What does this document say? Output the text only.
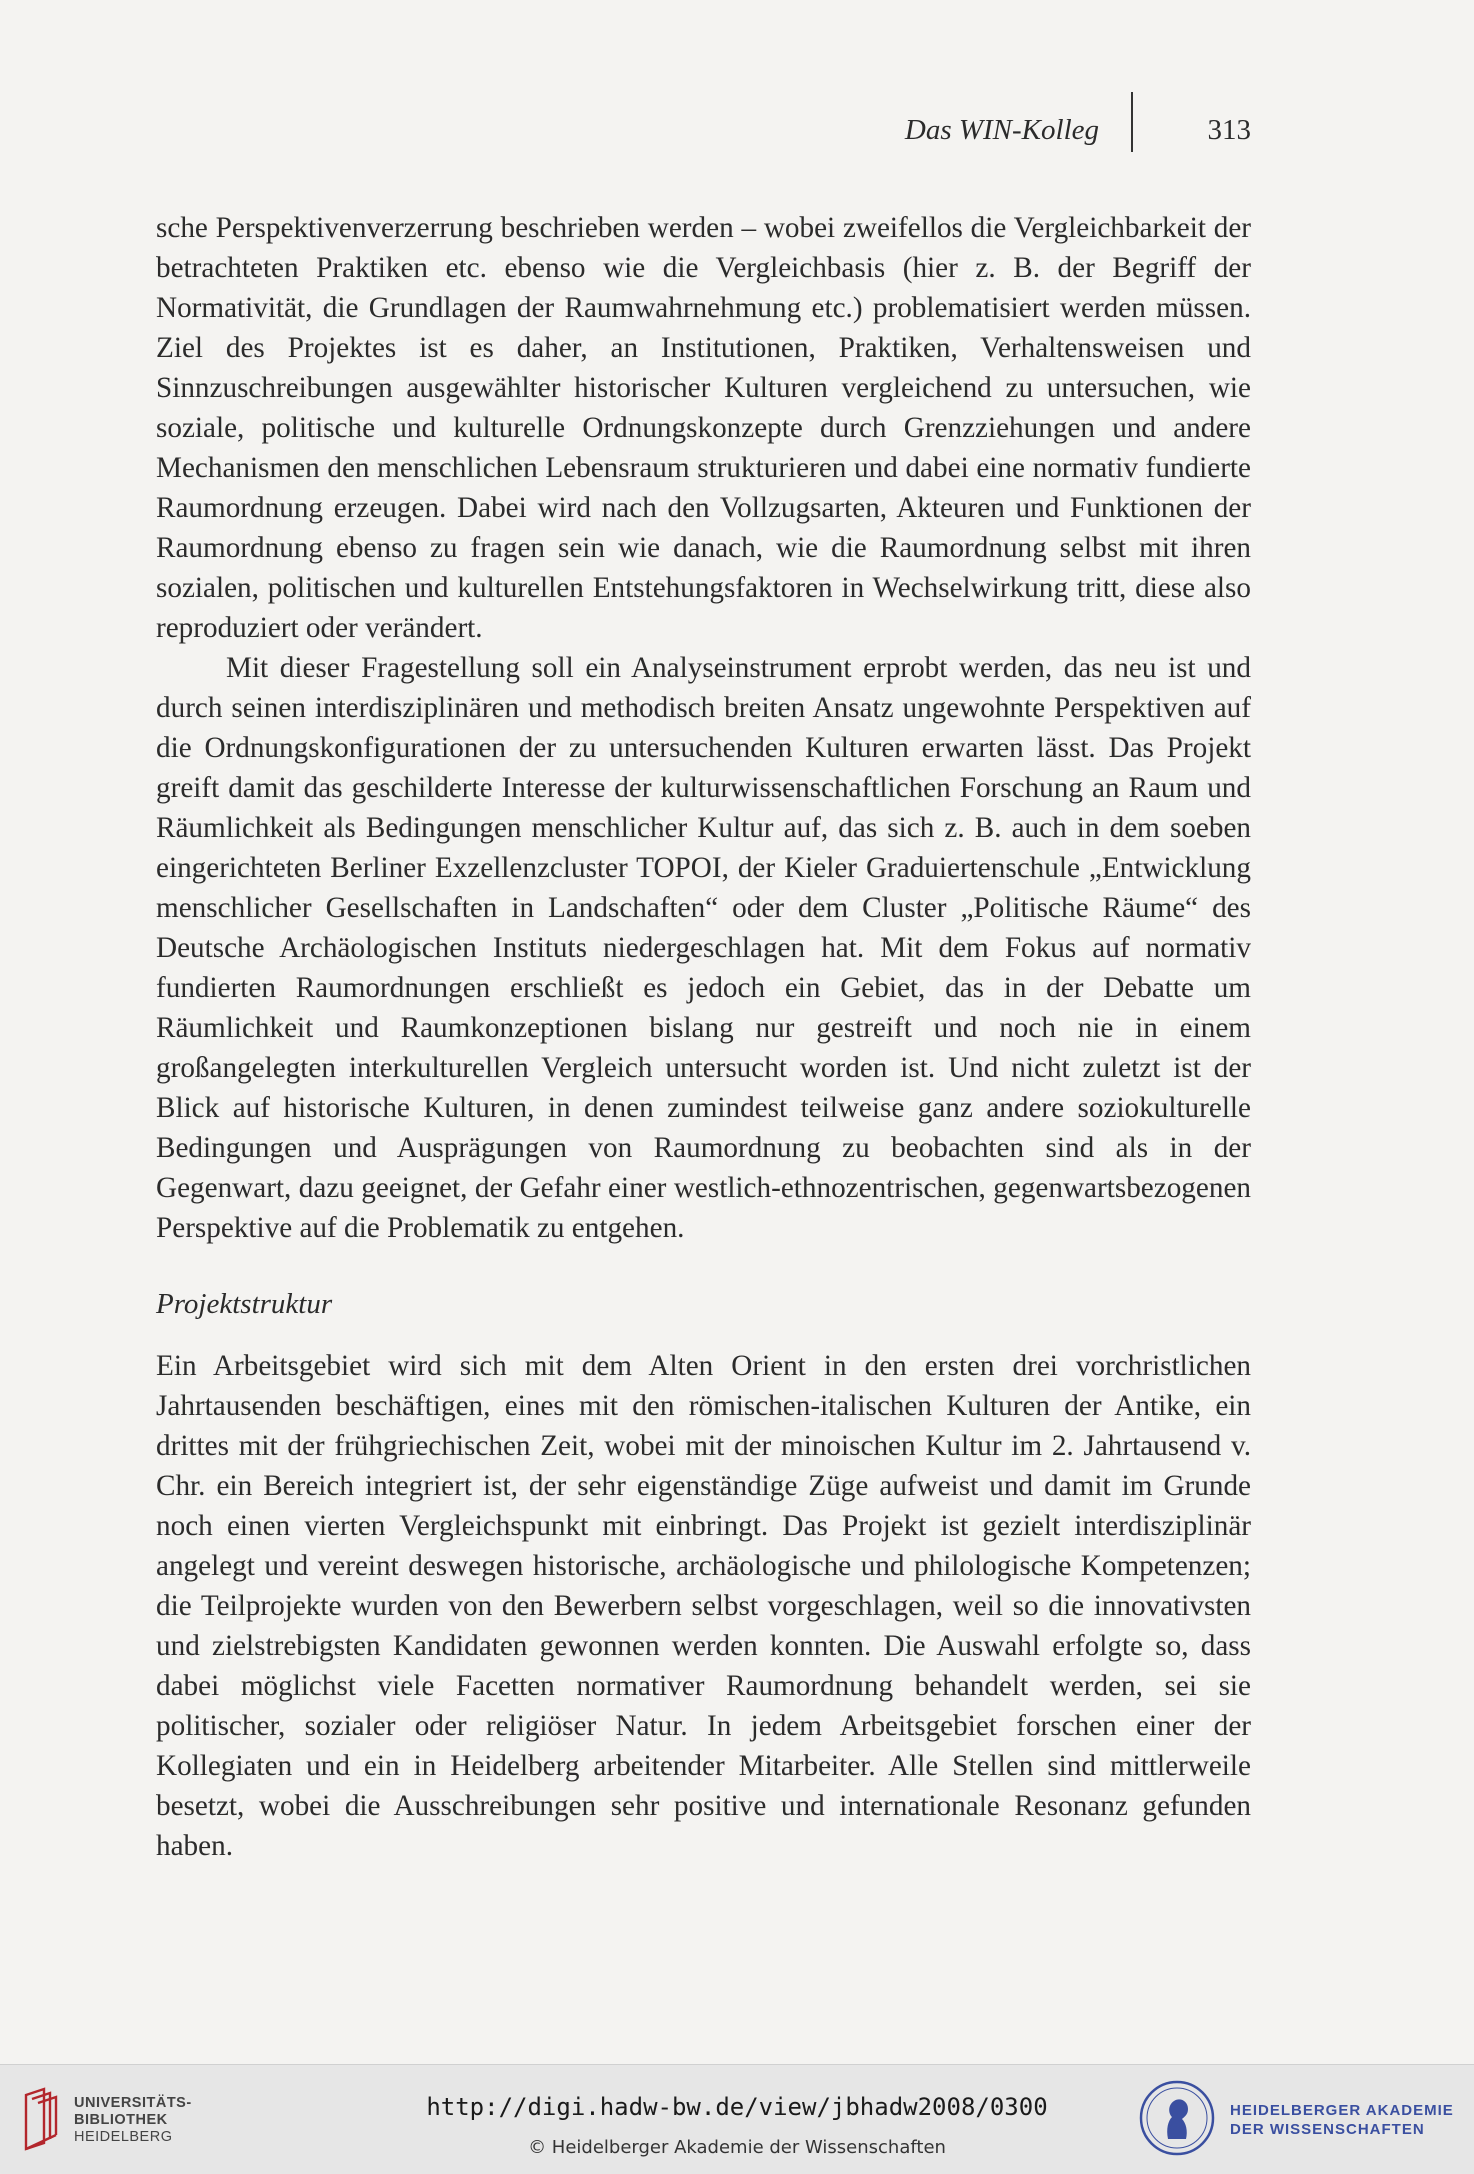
Das WIN-Kolleg	313

sche Perspektivenverzerrung beschrieben werden – wobei zweifellos die Vergleichbarkeit der betrachteten Praktiken etc. ebenso wie die Vergleichbasis (hier z. B. der Begriff der Normativität, die Grundlagen der Raumwahrnehmung etc.) problematisiert werden müssen. Ziel des Projektes ist es daher, an Institutionen, Praktiken, Verhaltensweisen und Sinnzuschreibungen ausgewählter historischer Kulturen vergleichend zu untersuchen, wie soziale, politische und kulturelle Ordnungskonzepte durch Grenzziehungen und andere Mechanismen den menschlichen Lebensraum strukturieren und dabei eine normativ fundierte Raumordnung erzeugen. Dabei wird nach den Vollzugsarten, Akteuren und Funktionen der Raumordnung ebenso zu fragen sein wie danach, wie die Raumordnung selbst mit ihren sozialen, politischen und kulturellen Entstehungsfaktoren in Wechselwirkung tritt, diese also reproduziert oder verändert.

Mit dieser Fragestellung soll ein Analyseinstrument erprobt werden, das neu ist und durch seinen interdisziplinären und methodisch breiten Ansatz ungewohnte Perspektiven auf die Ordnungskonfigurationen der zu untersuchenden Kulturen erwarten lässt. Das Projekt greift damit das geschilderte Interesse der kulturwissenschaftlichen Forschung an Raum und Räumlichkeit als Bedingungen menschlicher Kultur auf, das sich z. B. auch in dem soeben eingerichteten Berliner Exzellenzcluster TOPOI, der Kieler Graduiertenschule „Entwicklung menschlicher Gesellschaften in Landschaften“ oder dem Cluster „Politische Räume“ des Deutsche Archäologischen Instituts niedergeschlagen hat. Mit dem Fokus auf normativ fundierten Raumordnungen erschließt es jedoch ein Gebiet, das in der Debatte um Räumlichkeit und Raumkonzeptionen bislang nur gestreift und noch nie in einem großangelegten interkulturellen Vergleich untersucht worden ist. Und nicht zuletzt ist der Blick auf historische Kulturen, in denen zumindest teilweise ganz andere soziokulturelle Bedingungen und Ausprägungen von Raumordnung zu beobachten sind als in der Gegenwart, dazu geeignet, der Gefahr einer westlich-ethnozentrischen, gegenwartsbezogenen Perspektive auf die Problematik zu entgehen.

Projektstruktur

Ein Arbeitsgebiet wird sich mit dem Alten Orient in den ersten drei vorchristlichen Jahrtausenden beschäftigen, eines mit den römischen-italischen Kulturen der Antike, ein drittes mit der frühgriechischen Zeit, wobei mit der minoischen Kultur im 2. Jahrtausend v. Chr. ein Bereich integriert ist, der sehr eigenständige Züge aufweist und damit im Grunde noch einen vierten Vergleichspunkt mit einbringt. Das Projekt ist gezielt interdisziplinär angelegt und vereint deswegen historische, archäologische und philologische Kompetenzen; die Teilprojekte wurden von den Bewerbern selbst vorgeschlagen, weil so die innovativsten und zielstrebigsten Kandidaten gewonnen werden konnten. Die Auswahl erfolgte so, dass dabei möglichst viele Facetten normativer Raumordnung behandelt werden, sei sie politischer, sozialer oder religiöser Natur. In jedem Arbeitsgebiet forschen einer der Kollegiaten und ein in Heidelberg arbeitender Mitarbeiter. Alle Stellen sind mittlerweile besetzt, wobei die Ausschreibungen sehr positive und internationale Resonanz gefunden haben.

UNIVERSITÄTS-
BIBLIOTHEK
HEIDELBERG
http://digi.hadw-bw.de/view/jbhadw2008/0300
© Heidelberger Akademie der Wissenschaften
HEIDELBERGER AKADEMIE
DER WISSENSCHAFTEN
